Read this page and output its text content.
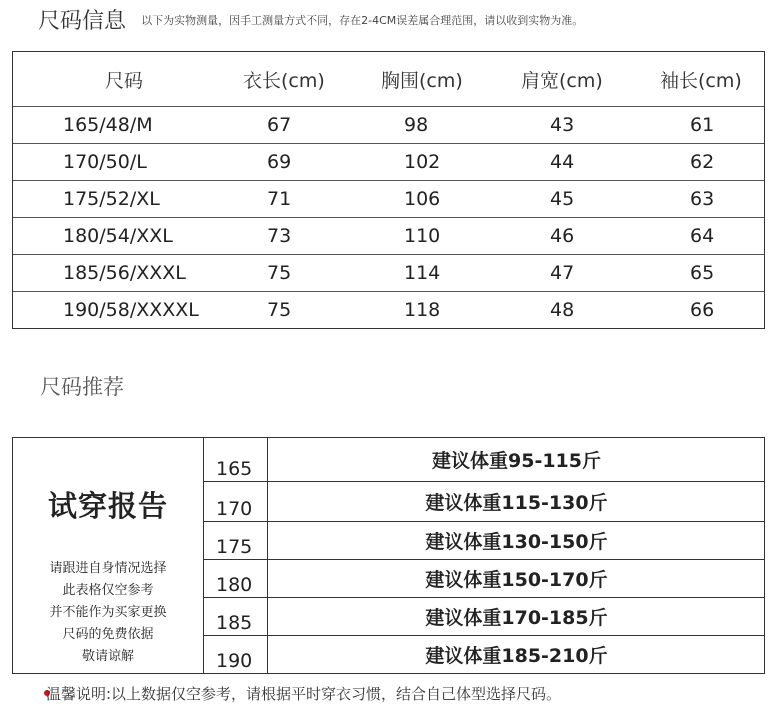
尺码信息 以下为实物测量，因手工测量方式不同，存在2-4CM误差属合理范围，请以收到实物为准。
尺码	衣长(cm)	胸围(cm)	肩宽(cm)	袖长(cm)
165/48/M	67	98	43	61
170/50/L	69	102	44	62
175/52/XL	71	106	45	63
180/54/XXL	73	110	46	64
185/56/XXXL	75	114	47	65
190/58/XXXXL	75	118	48	66
尺码推荐
试穿报告
请跟进自身情况选择
此表格仅空参考
并不能作为买家更换
尺码的免费依据
敬请谅解
165	建议体重95-115斤
170	建议体重115-130斤
175	建议体重130-150斤
180	建议体重150-170斤
185	建议体重170-185斤
190	建议体重185-210斤
温馨说明:以上数据仅空参考，请根据平时穿衣习惯，结合自己体型选择尺码。
